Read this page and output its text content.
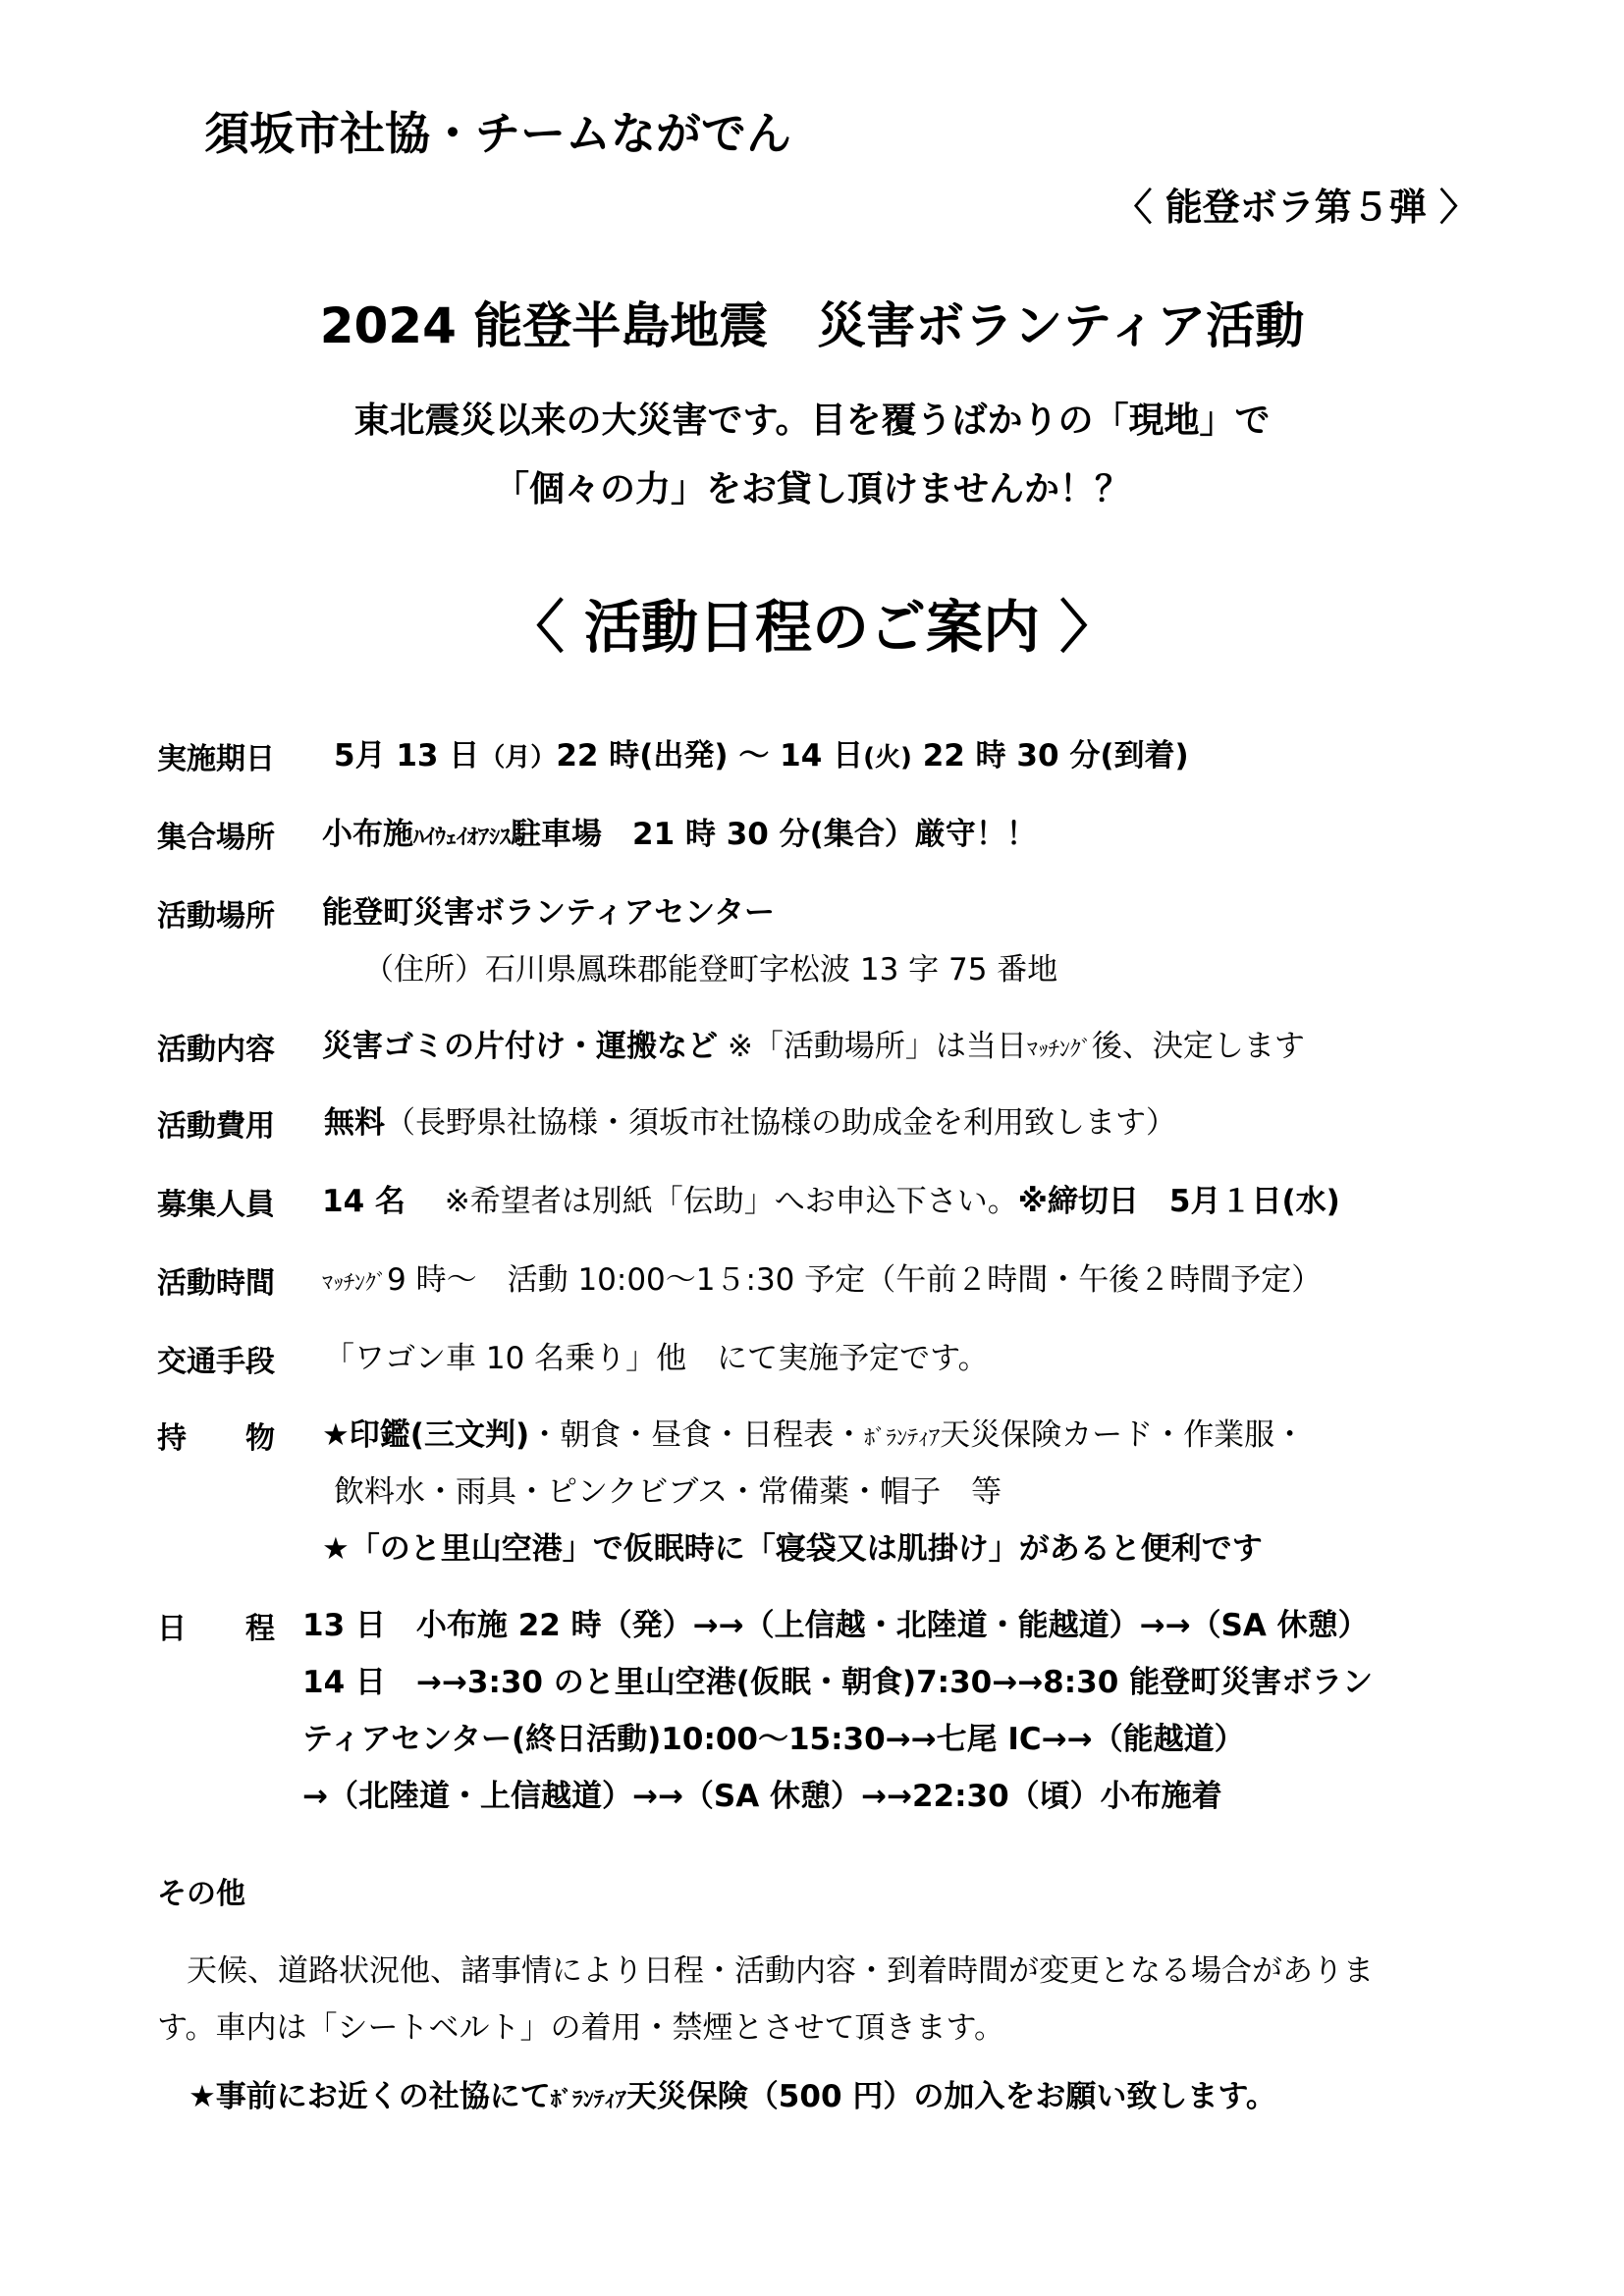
須坂市社協・チームながでん
〈 能登ボラ第５弾 〉
2024 能登半島地震　災害ボランティア活動
東北震災以来の大災害です。目を覆うばかりの「現地」で
「個々の力」をお貸し頂けませんか！？
〈 活動日程のご案内 〉
実施期日 5月 13 日（月）22 時(出発) ～ 14 日(火) 22 時 30 分(到着)
集合場所 小布施ﾊｲｳｪｲｵｱｼｽ駐車場　21 時 30 分(集合）厳守！！
活動場所 能登町災害ボランティアセンター
（住所）石川県鳳珠郡能登町字松波 13 字 75 番地
活動内容 災害ゴミの片付け・運搬など ※「活動場所」は当日ﾏｯﾁﾝｸﾞ後、決定します
活動費用 無料（長野県社協様・須坂市社協様の助成金を利用致します）
募集人員 14 名 ※希望者は別紙「伝助」へお申込下さい。※締切日　5月１日(水)
活動時間 ﾏｯﾁﾝｸﾞ9 時～　活動 10:00～1５:30 予定（午前２時間・午後２時間予定）
交通手段 「ワゴン車 10 名乗り」他　にて実施予定です。
持　　物 ★印鑑(三文判)・朝食・昼食・日程表・ﾎﾞﾗﾝﾃｨｱ天災保険カード・作業服・
飲料水・雨具・ピンクビブス・常備薬・帽子　等
★「のと里山空港」で仮眠時に「寝袋又は肌掛け」があると便利です
日　　程 13 日　小布施 22 時（発）→→（上信越・北陸道・能越道）→→（SA 休憩）
14 日　→→3:30 のと里山空港(仮眠・朝食)7:30→→8:30 能登町災害ボラン
ティアセンター(終日活動)10:00～15:30→→七尾 IC→→（能越道）
→（北陸道・上信越道）→→（SA 休憩）→→22:30（頃）小布施着
その他
天候、道路状況他、諸事情により日程・活動内容・到着時間が変更となる場合がありま
す。車内は「シートベルト」の着用・禁煙とさせて頂きます。
★事前にお近くの社協にてﾎﾞﾗﾝﾃｨｱ天災保険（500 円）の加入をお願い致します。
